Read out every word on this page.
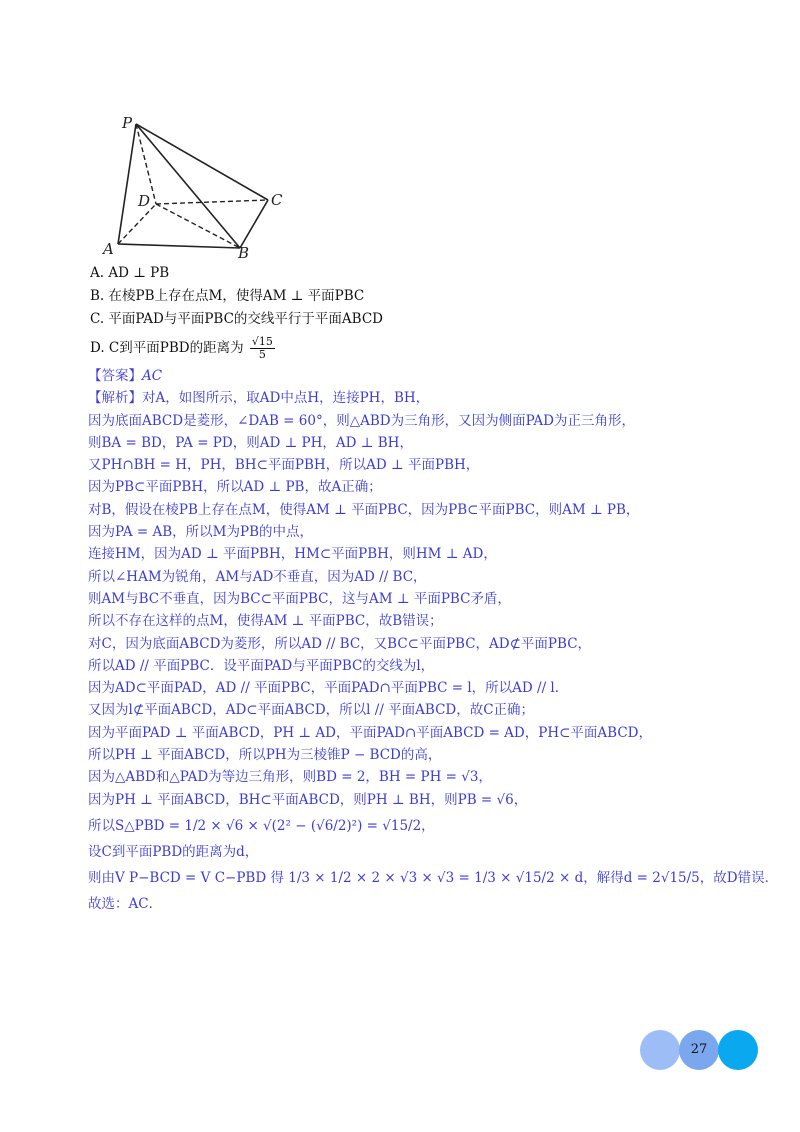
P
D	C
A	B
A. AD ⊥ PB
B. 在棱PB上存在点M，使得AM ⊥ 平面PBC
C. 平面PAD与平面PBC的交线平行于平面ABCD
D. C到平面PBD的距离为 $\frac{√15}{5}$
【答案】AC
【解析】对A，如图所示，取AD中点H，连接PH，BH，
因为底面ABCD是菱形，∠DAB = 60°，则△ABD为三角形，又因为侧面PAD为正三角形，
则BA = BD，PA = PD，则AD ⊥ PH，AD ⊥ BH，
又PH∩BH = H，PH，BH⊂平面PBH，所以AD ⊥ 平面PBH，
因为PB⊂平面PBH，所以AD ⊥ PB，故A正确；
对B，假设在棱PB上存在点M，使得AM ⊥ 平面PBC，因为PB⊂平面PBC，则AM ⊥ PB，
因为PA = AB，所以M为PB的中点，
连接HM，因为AD ⊥ 平面PBH，HM⊂平面PBH，则HM ⊥ AD，
所以∠HAM为锐角，AM与AD不垂直，因为AD // BC，
则AM与BC不垂直，因为BC⊂平面PBC，这与AM ⊥ 平面PBC矛盾，
所以不存在这样的点M，使得AM ⊥ 平面PBC，故B错误；
对C，因为底面ABCD为菱形，所以AD // BC，又BC⊂平面PBC，AD⊄平面PBC，
所以AD // 平面PBC．设平面PAD与平面PBC的交线为l，
因为AD⊂平面PAD，AD // 平面PBC，平面PAD∩平面PBC = l，所以AD // l．
又因为l⊄平面ABCD，AD⊂平面ABCD，所以l // 平面ABCD，故C正确；
因为平面PAD ⊥ 平面ABCD，PH ⊥ AD，平面PAD∩平面ABCD = AD，PH⊂平面ABCD，
所以PH ⊥ 平面ABCD，所以PH为三棱锥P − BCD的高，
因为△ABD和△PAD为等边三角形，则BD = 2，BH = PH = √3，
因为PH ⊥ 平面ABCD，BH⊂平面ABCD，则PH ⊥ BH，则PB = √6，
所以S△PBD = 1/2 × √6 × √(2² − (√6/2)²) = √15/2，
设C到平面PBD的距离为d，
则由V P−BCD = V C−PBD 得 1/3 × 1/2 × 2 × √3 × √3 = 1/3 × √15/2 × d，解得d = 2√15/5，故D错误．
故选：AC．
27
